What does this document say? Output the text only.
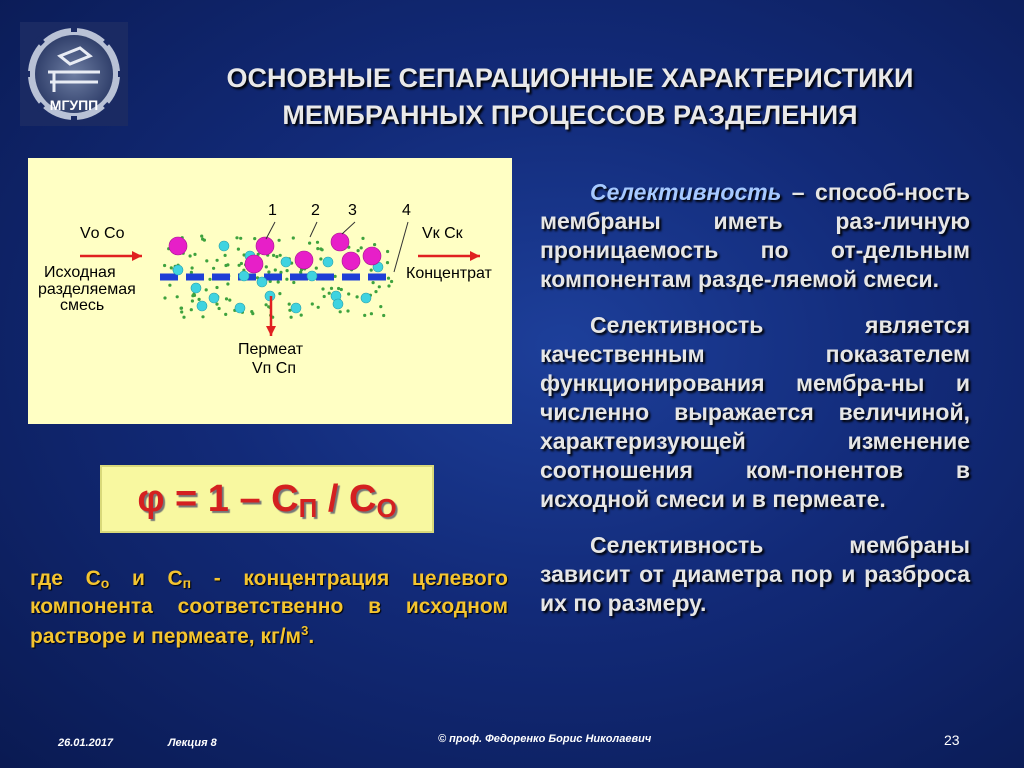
МГУПП
ОСНОВНЫЕ СЕПАРАЦИОННЫЕ ХАРАКТЕРИСТИКИ
МЕМБРАННЫХ ПРОЦЕССОВ РАЗДЕЛЕНИЯ
Vо Cо
Исходная
разделяемая
смесь
Vк Cк
Концентрат
Пермеат
Vп Cп
1 2 3	4
$\varphi = 1 - C_П / C_О$
где $C_о$ и $C_п$ - концентрация целевого компонента соответственно в исходном растворе и пермеате, $кг/м^3$.

Селективность – способ-ность мембраны иметь раз-личную проницаемость по от-дельным компонентам разде-ляемой смеси.

Селективность является качественным показателем функционирования мембра-ны и численно выражается величиной, характеризующей изменение соотношения ком-понентов в исходной смеси и в пермеате.

Селективность мембраны зависит от диаметра пор и разброса их по размеру.

26.01.2017	Лекция 8	© проф. Федоренко Борис Николаевич	23
